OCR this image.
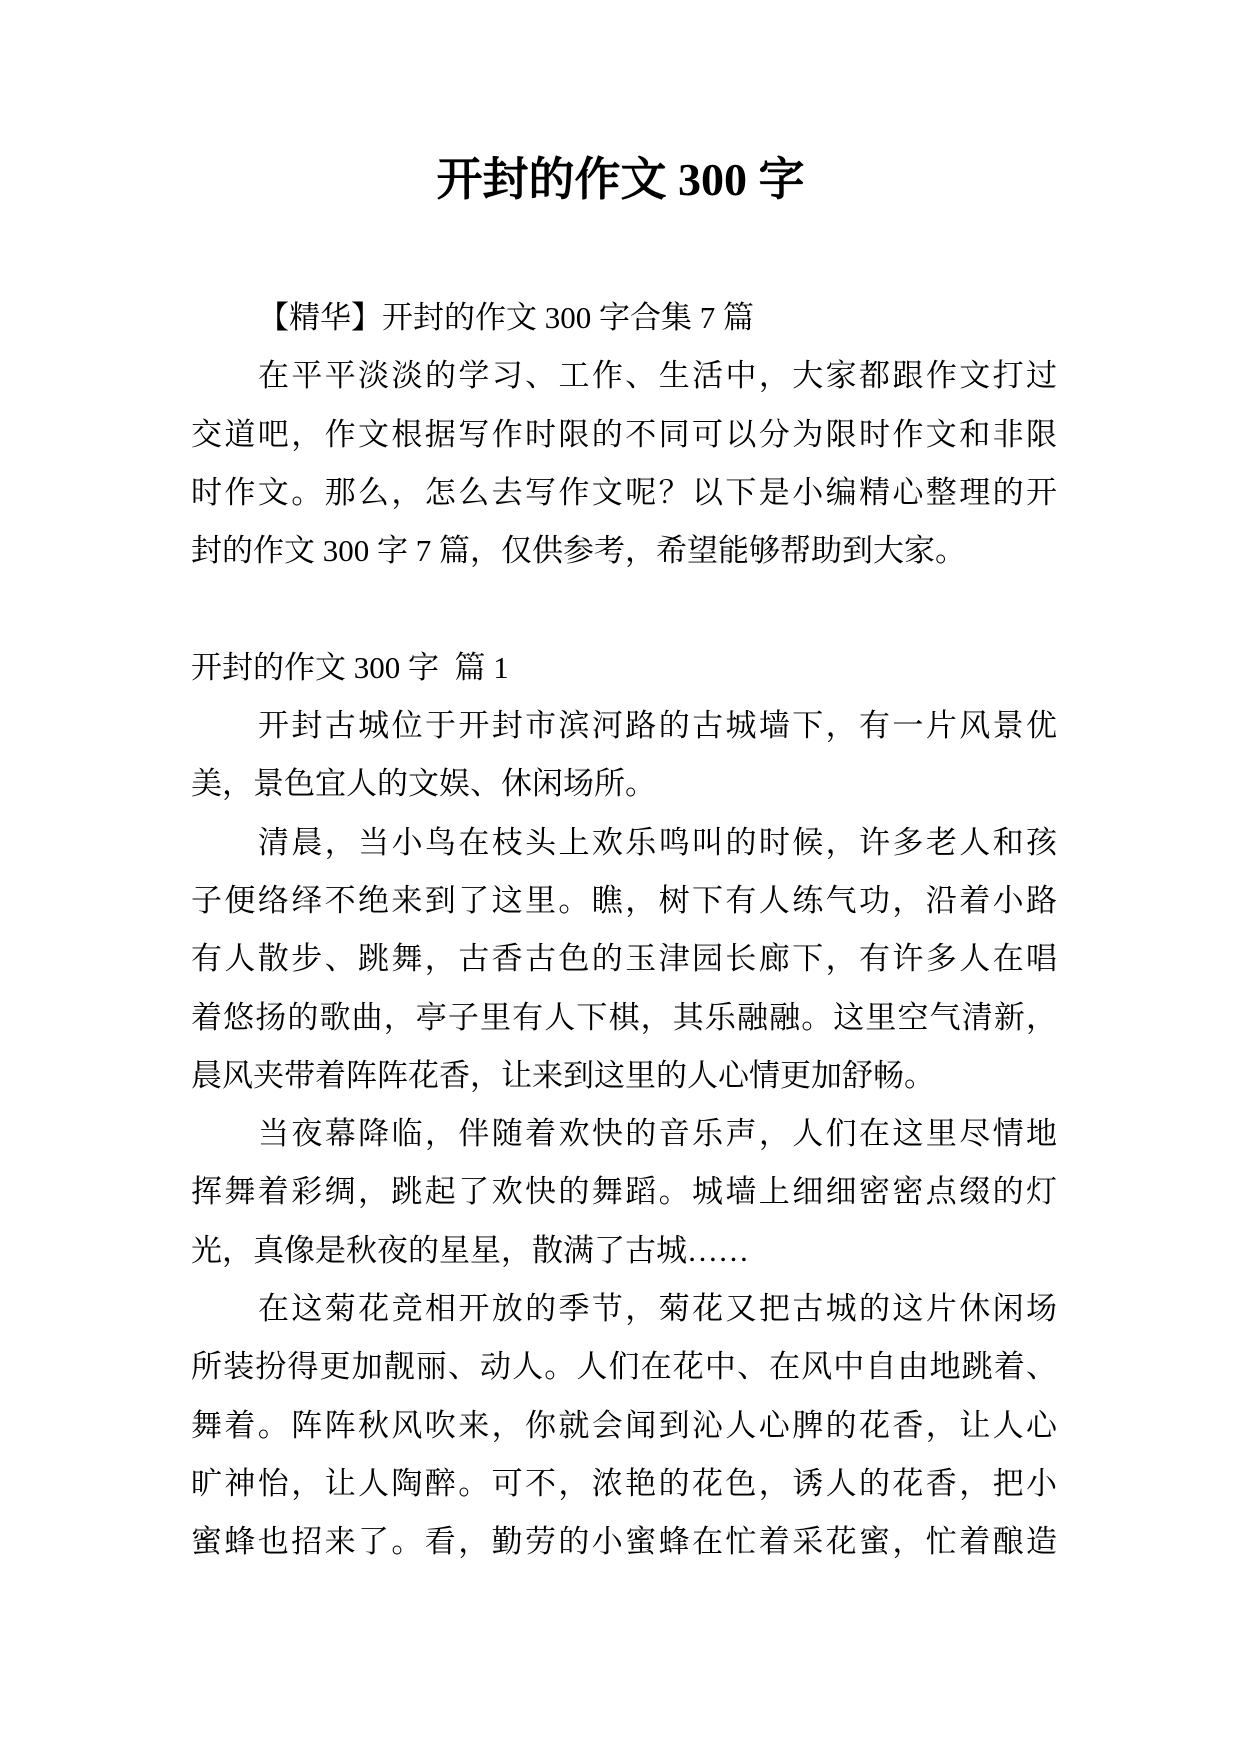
开封的作文 300 字
【精华】开封的作文 300 字合集 7 篇
在平平淡淡的学习、工作、生活中，大家都跟作文打过
交道吧，作文根据写作时限的不同可以分为限时作文和非限
时作文。那么，怎么去写作文呢？以下是小编精心整理的开
封的作文 300 字 7 篇，仅供参考，希望能够帮助到大家。
开封的作文 300 字  篇 1
开封古城位于开封市滨河路的古城墙下，有一片风景优
美，景色宜人的文娱、休闲场所。
清晨，当小鸟在枝头上欢乐鸣叫的时候，许多老人和孩
子便络绎不绝来到了这里。瞧，树下有人练气功，沿着小路
有人散步、跳舞，古香古色的玉津园长廊下，有许多人在唱
着悠扬的歌曲，亭子里有人下棋，其乐融融。这里空气清新，
晨风夹带着阵阵花香，让来到这里的人心情更加舒畅。
当夜幕降临，伴随着欢快的音乐声，人们在这里尽情地
挥舞着彩绸，跳起了欢快的舞蹈。城墙上细细密密点缀的灯
光，真像是秋夜的星星，散满了古城……
在这菊花竞相开放的季节，菊花又把古城的这片休闲场
所装扮得更加靓丽、动人。人们在花中、在风中自由地跳着、
舞着。阵阵秋风吹来，你就会闻到沁人心脾的花香，让人心
旷神怡，让人陶醉。可不，浓艳的花色，诱人的花香，把小
蜜蜂也招来了。看，勤劳的小蜜蜂在忙着采花蜜，忙着酿造
